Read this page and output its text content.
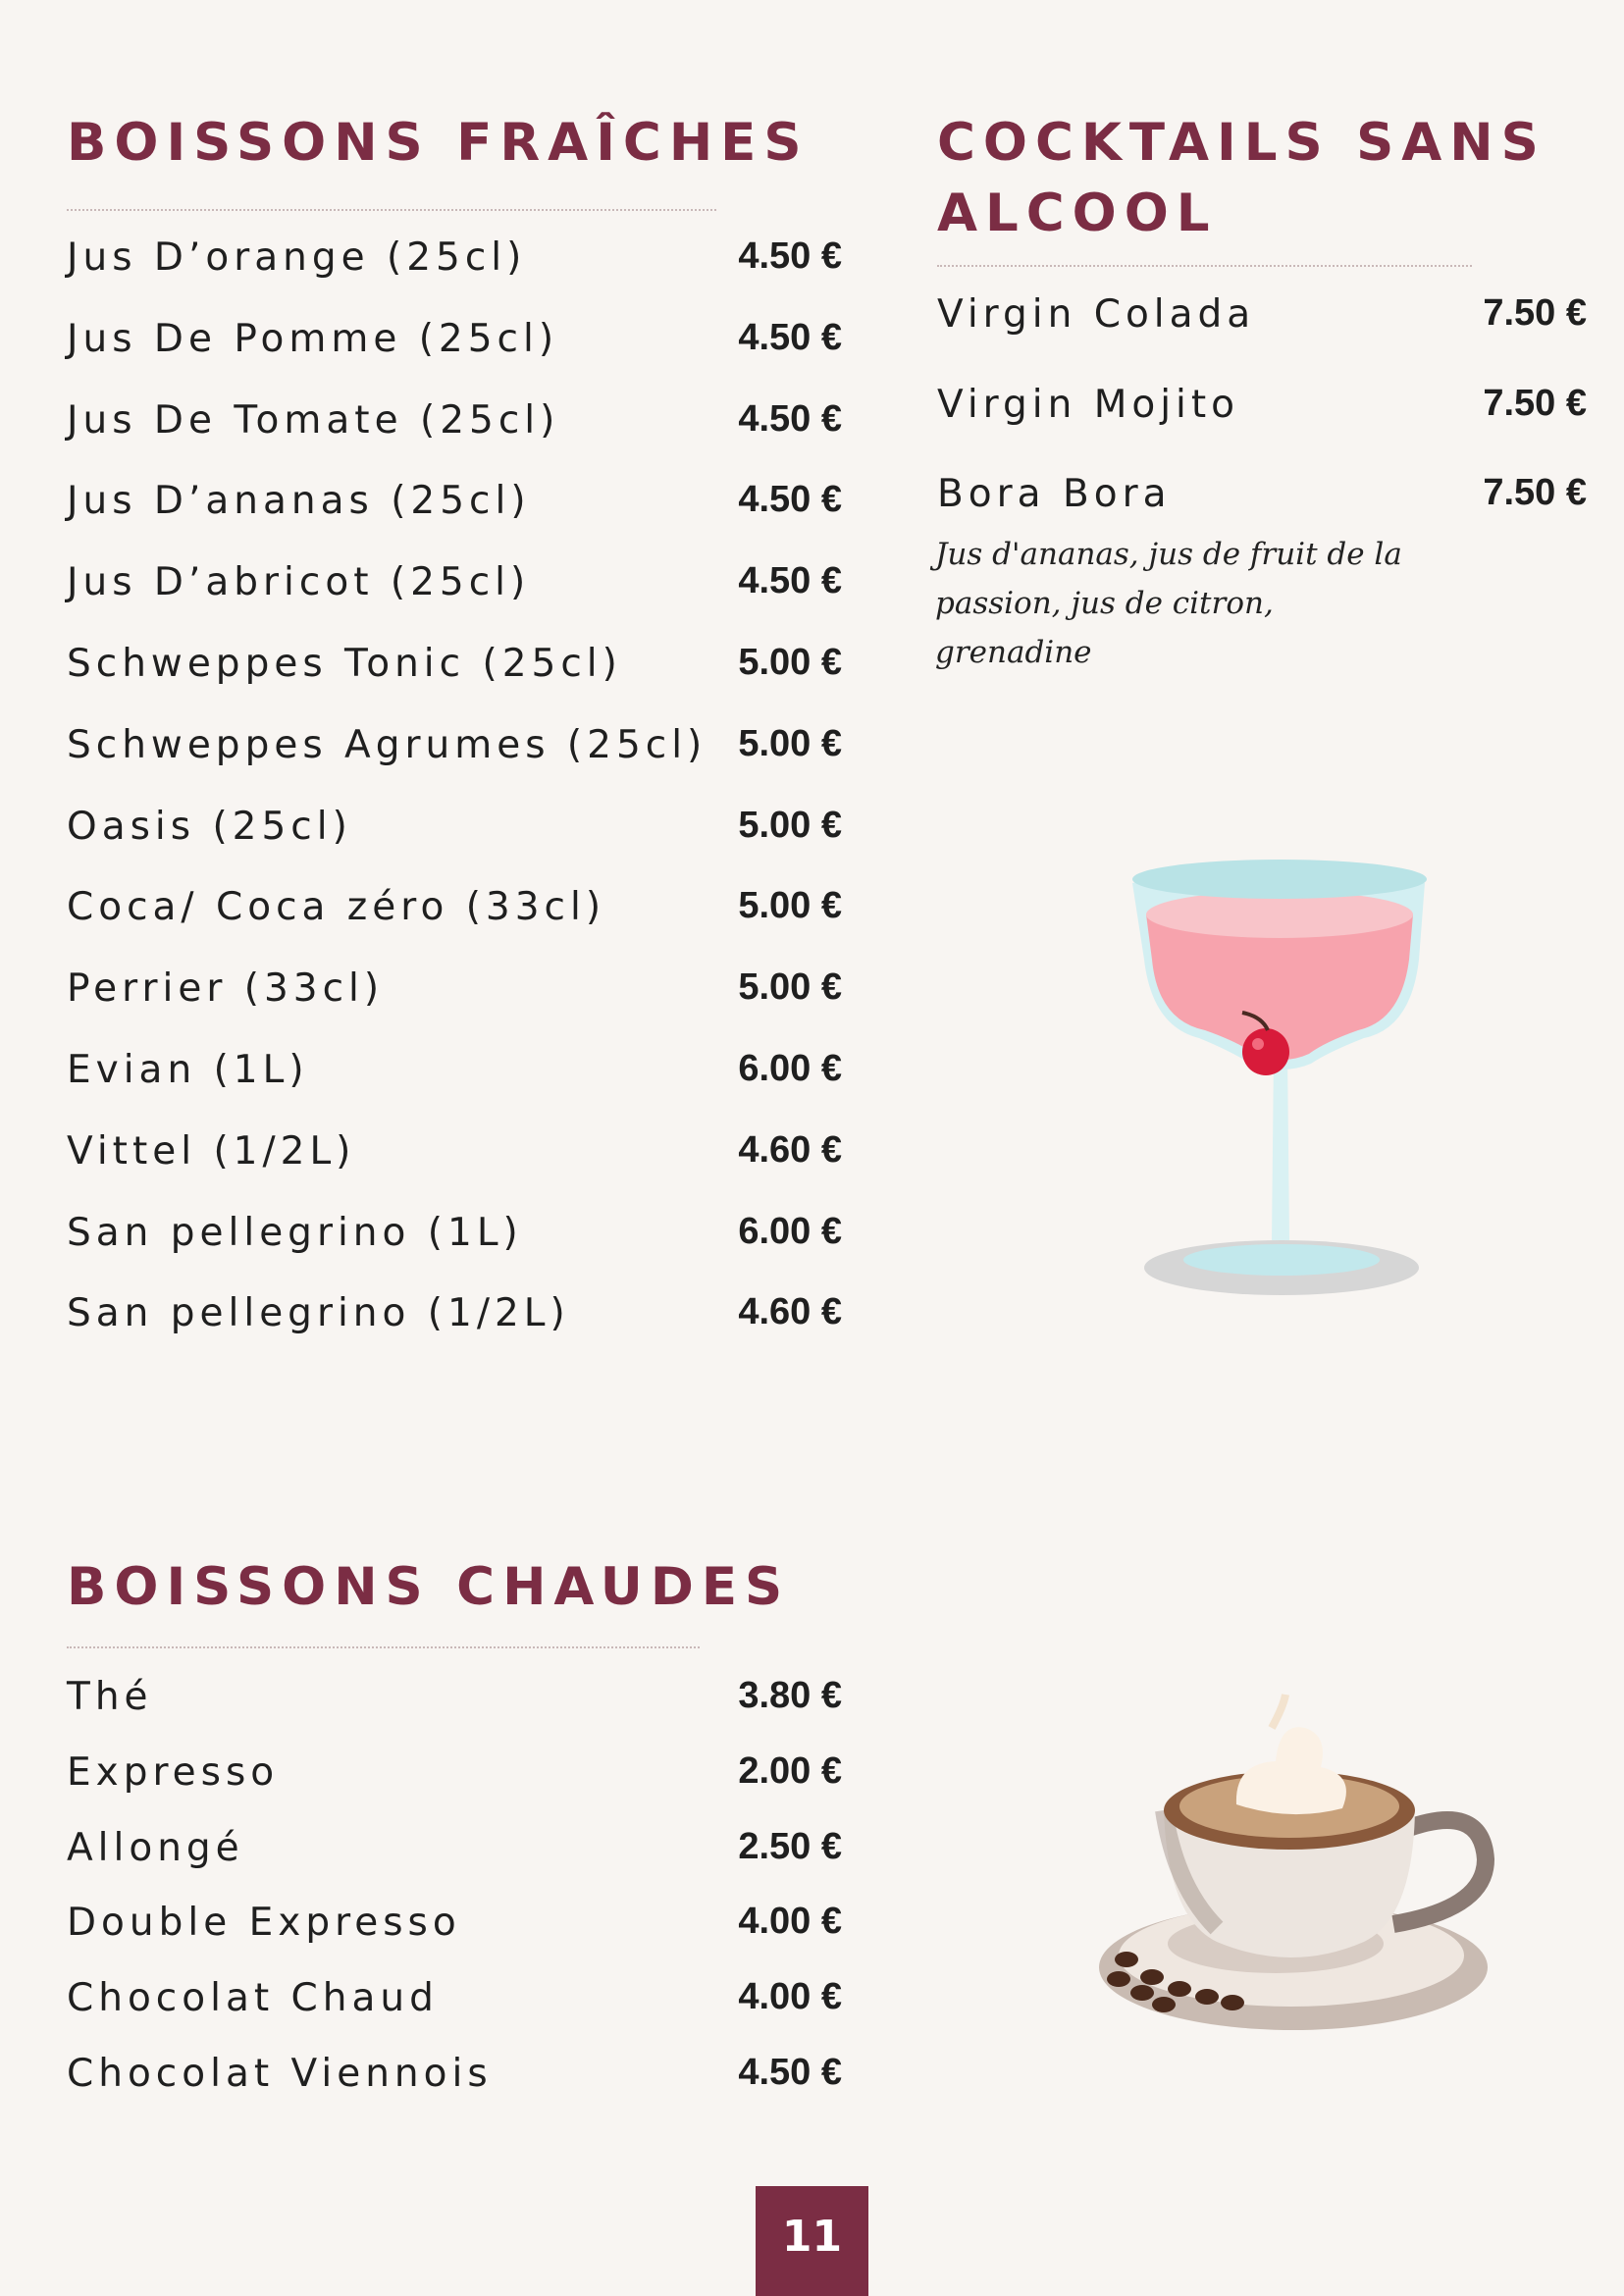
BOISSONS FRAÎCHES
Jus D’orange (25cl)	4.50 €
Jus De Pomme (25cl)	4.50 €
Jus De Tomate (25cl)	4.50 €
Jus D’ananas (25cl)	4.50 €
Jus D’abricot (25cl)	4.50 €
Schweppes Tonic (25cl)	5.00 €
Schweppes Agrumes (25cl) 5.00 €
Oasis (25cl)	5.00 €
Coca/ Coca zéro (33cl)	5.00 €
Perrier (33cl)	5.00 €
Evian (1L)	6.00 €
Vittel (1/2L)	4.60 €
San pellegrino (1L)	6.00 €
San pellegrino (1/2L)	4.60 €
COCKTAILS SANS
ALCOOL
Virgin Colada	7.50 €
Virgin Mojito	7.50 €
Bora Bora	7.50 €
Jus d'ananas, jus de fruit de la passion, jus de citron, grenadine
BOISSONS CHAUDES
Thé	3.80 €
Expresso	2.00 €
Allongé	2.50 €
Double Expresso	4.00 €
Chocolat Chaud	4.00 €
Chocolat Viennois	4.50 €
11
